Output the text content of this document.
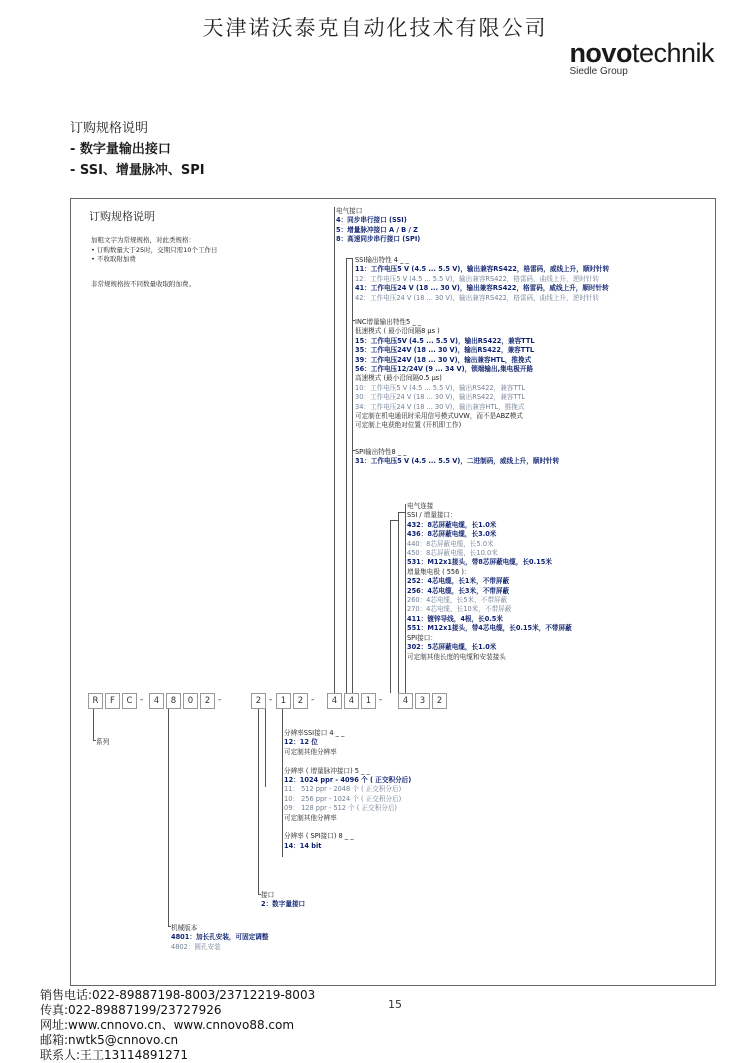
天津诺沃泰克自动化技术有限公司
novotechnik
Siedle Group
订购规格说明
- 数字量输出接口
- SSI、增量脉冲、SPI
订购规格说明
加粗文字为常规规格，对此类规格：
• 订购数量大于25时，交期只需10个工作日
• 不收取附加费
非常规规格按不同数量收取附加费。
电气接口
4：同步串行接口 (SSI)
5：增量脉冲接口 A / B / Z
8：高速同步串行接口 (SPI)
SSI输出特性 4 _ _
11：工作电压5 V (4.5 ... 5.5 V)，输出兼容RS422，格雷码，威线上升，顺时针转
12：工作电压5 V (4.5 ... 5.5 V)，输出兼容RS422，格雷码，曲线上升，逆时针转
41：工作电压24 V (18 ... 30 V)，输出兼容RS422，格雷码，威线上升，顺时针转
42：工作电压24 V (18 ... 30 V)，输出兼容RS422，格雷码，曲线上升，逆时针转
INC增量输出特性5 _ _
低速模式 ( 最小沿间隔8 µs )
15：工作电压5V (4.5 ... 5.5 V)，输出RS422，兼容TTL
35：工作电压24V (18 ... 30 V)，输出RS422，兼容TTL
39：工作电压24V (18 ... 30 V)，输出兼容HTL，推挽式
56：工作电压12/24V (9 ... 34 V)，锁端输出,集电极开路
高速模式 (最小沿间隔0.5 µs)
10：工作电压5 V (4.5 ... 5.5 V)，输出RS422，兼容TTL
30：工作电压24 V (18 ... 30 V)，输出RS422，兼容TTL
34：工作电压24 V (18 ... 30 V)，输出兼容HTL，推挽式
可定制在机电通讯时采用信号模式UVW，而不是ABZ模式
可定制上电获绝对位置 (开机即工作)
SPI输出特性8 _ _
31：工作电压5 V (4.5 ... 5.5 V)，二进制码，威线上升，顺时针转
电气连接
SSI / 增量接口：
432：8芯屏蔽电缆，长1.0米
436：8芯屏蔽电缆，长3.0米
440：8芯屏蔽电缆，长5.0米
450：8芯屏蔽电缆，长10.0米
531：M12x1接头，带8芯屏蔽电缆，长0.15米
增量集电极 ( 556 )：
252：4芯电缆，长1米，不带屏蔽
256：4芯电缆，长3米，不带屏蔽
260：4芯电缆，长5米，不带屏蔽
270：4芯电缆，长10米，不带屏蔽
411：镀锌导线，4根，长0.5米
551：M12x1接头，带4芯电缆，长0.15米，不带屏蔽
SPI接口：
302：5芯屏蔽电缆，长1.0米
可定制其他长度的电缆和安装接头
分辨率SSI接口 4 _ _
12：12 位
可定制其他分辨率

分辨率 ( 增量脉冲接口) 5 _ _
12：1024 ppr - 4096 个 ( 正交积分后)
11： 512 ppr - 2048 个 ( 正交积分后)
10： 256 ppr - 1024 个 ( 正交积分后)
09： 128 ppr - 512 个 ( 正交积分后)
可定制其他分辨率

分辨率 ( SPI接口) 8 _ _
14：14 bit
接口
2：数字量接口
机械版本
4801：加长孔安装，可固定调整
4802：圆孔安装
系列
R	F	C -	4	8	0	2 -	2 -	1	2 -	4	4	1 -	4	3	2
销售电话:022-89887198-8003/23712219-8003
传真:022-89887199/23727926
网址:www.cnnovo.cn、www.cnnovo88.com
邮箱:nwtk5@cnnovo.cn
联系人:王工13114891271
15
